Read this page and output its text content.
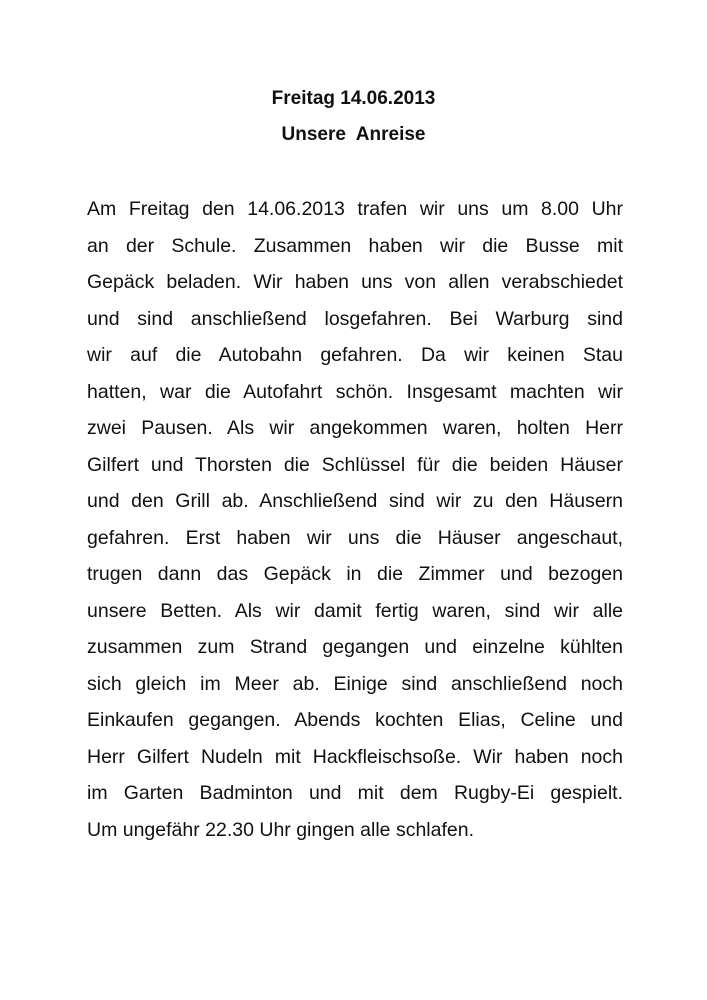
Freitag 14.06.2013
Unsere  Anreise
Am Freitag den 14.06.2013 trafen wir uns um 8.00 Uhr
an der Schule. Zusammen haben wir die Busse mit
Gepäck beladen. Wir haben uns von allen verabschiedet
und sind anschließend losgefahren. Bei Warburg sind
wir auf die Autobahn gefahren. Da wir keinen Stau
hatten, war die Autofahrt schön. Insgesamt machten wir
zwei Pausen. Als wir angekommen waren, holten Herr
Gilfert und Thorsten die Schlüssel für die beiden Häuser
und den Grill ab. Anschließend sind wir zu den Häusern
gefahren. Erst haben wir uns die Häuser angeschaut,
trugen dann das Gepäck in die Zimmer und bezogen
unsere Betten. Als wir damit fertig waren, sind wir alle
zusammen zum Strand gegangen und einzelne kühlten
sich gleich im Meer ab. Einige sind anschließend noch
Einkaufen gegangen. Abends kochten Elias, Celine und
Herr Gilfert Nudeln mit Hackfleischsoße. Wir haben noch
im Garten Badminton und mit dem Rugby-Ei gespielt.
Um ungefähr 22.30 Uhr gingen alle schlafen.
